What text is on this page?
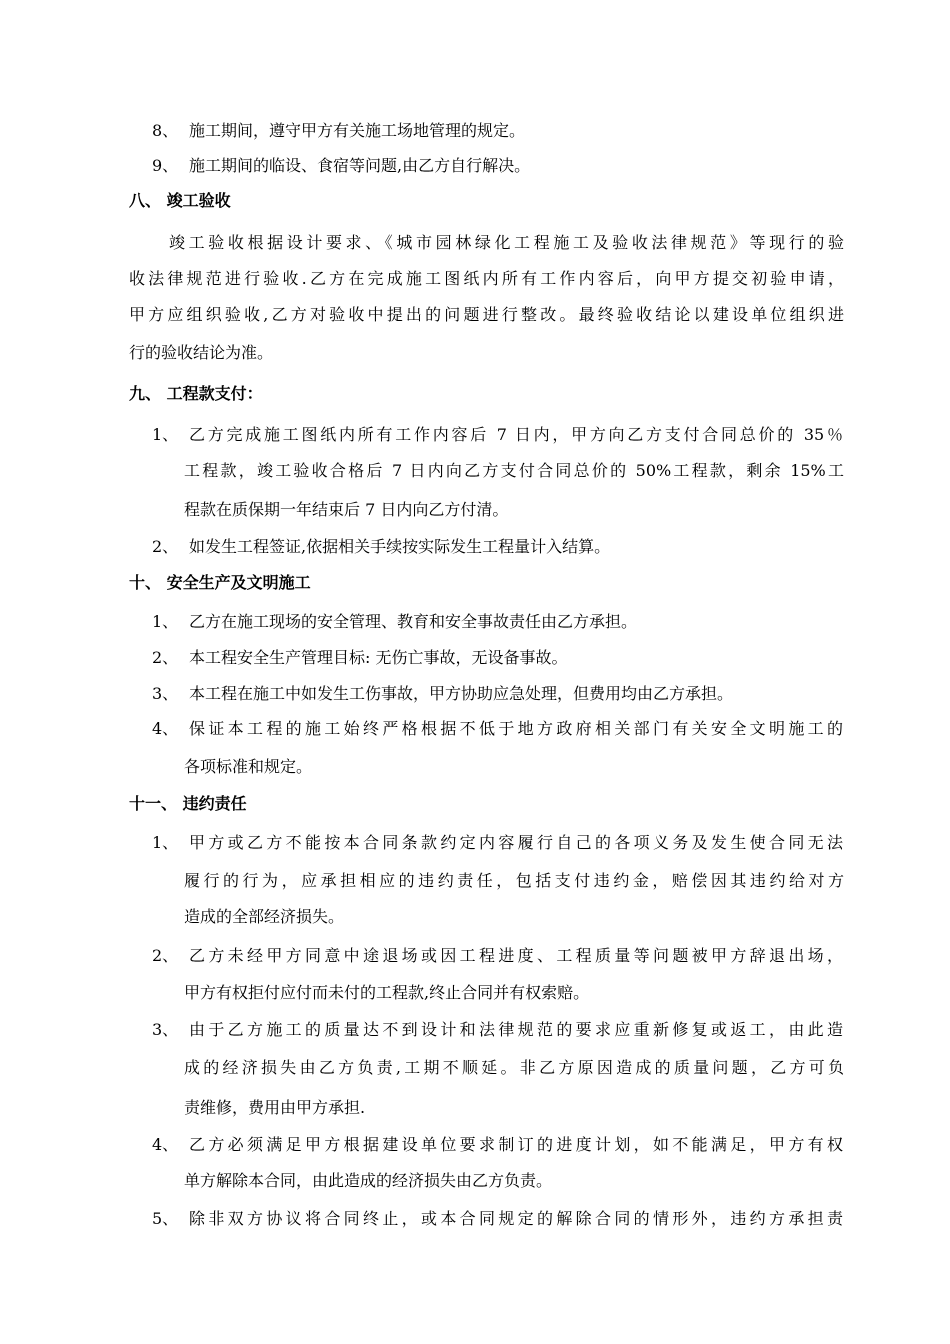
8、 施工期间，遵守甲方有关施工场地管理的规定。
9、 施工期间的临设、食宿等问题,由乙方自行解决。
八、 竣工验收
竣工验收根据设计要求、《城市园林绿化工程施工及验收法律规范》等现行的验
收法律规范进行验收.乙方在完成施工图纸内所有工作内容后，向甲方提交初验申请，
甲方应组织验收,乙方对验收中提出的问题进行整改。最终验收结论以建设单位组织进
行的验收结论为准。
九、 工程款支付：
1、 乙方完成施工图纸内所有工作内容后 7 日内，甲方向乙方支付合同总价的 35％
工程款，竣工验收合格后 7 日内向乙方支付合同总价的 50%工程款，剩余 15%工
程款在质保期一年结束后 7 日内向乙方付清。
2、 如发生工程签证,依据相关手续按实际发生工程量计入结算。
十、 安全生产及文明施工
1、 乙方在施工现场的安全管理、教育和安全事故责任由乙方承担。
2、 本工程安全生产管理目标: 无伤亡事故，无设备事故。
3、 本工程在施工中如发生工伤事故，甲方协助应急处理，但费用均由乙方承担。
4、 保证本工程的施工始终严格根据不低于地方政府相关部门有关安全文明施工的
各项标准和规定。
十一、 违约责任
1、 甲方或乙方不能按本合同条款约定内容履行自己的各项义务及发生使合同无法
履行的行为，应承担相应的违约责任，包括支付违约金，赔偿因其违约给对方
造成的全部经济损失。
2、 乙方未经甲方同意中途退场或因工程进度、工程质量等问题被甲方辞退出场，
甲方有权拒付应付而未付的工程款,终止合同并有权索赔。
3、 由于乙方施工的质量达不到设计和法律规范的要求应重新修复或返工，由此造
成的经济损失由乙方负责,工期不顺延。非乙方原因造成的质量问题，乙方可负
责维修，费用由甲方承担.
4、 乙方必须满足甲方根据建设单位要求制订的进度计划，如不能满足，甲方有权
单方解除本合同，由此造成的经济损失由乙方负责。
5、 除非双方协议将合同终止，或本合同规定的解除合同的情形外，违约方承担责
